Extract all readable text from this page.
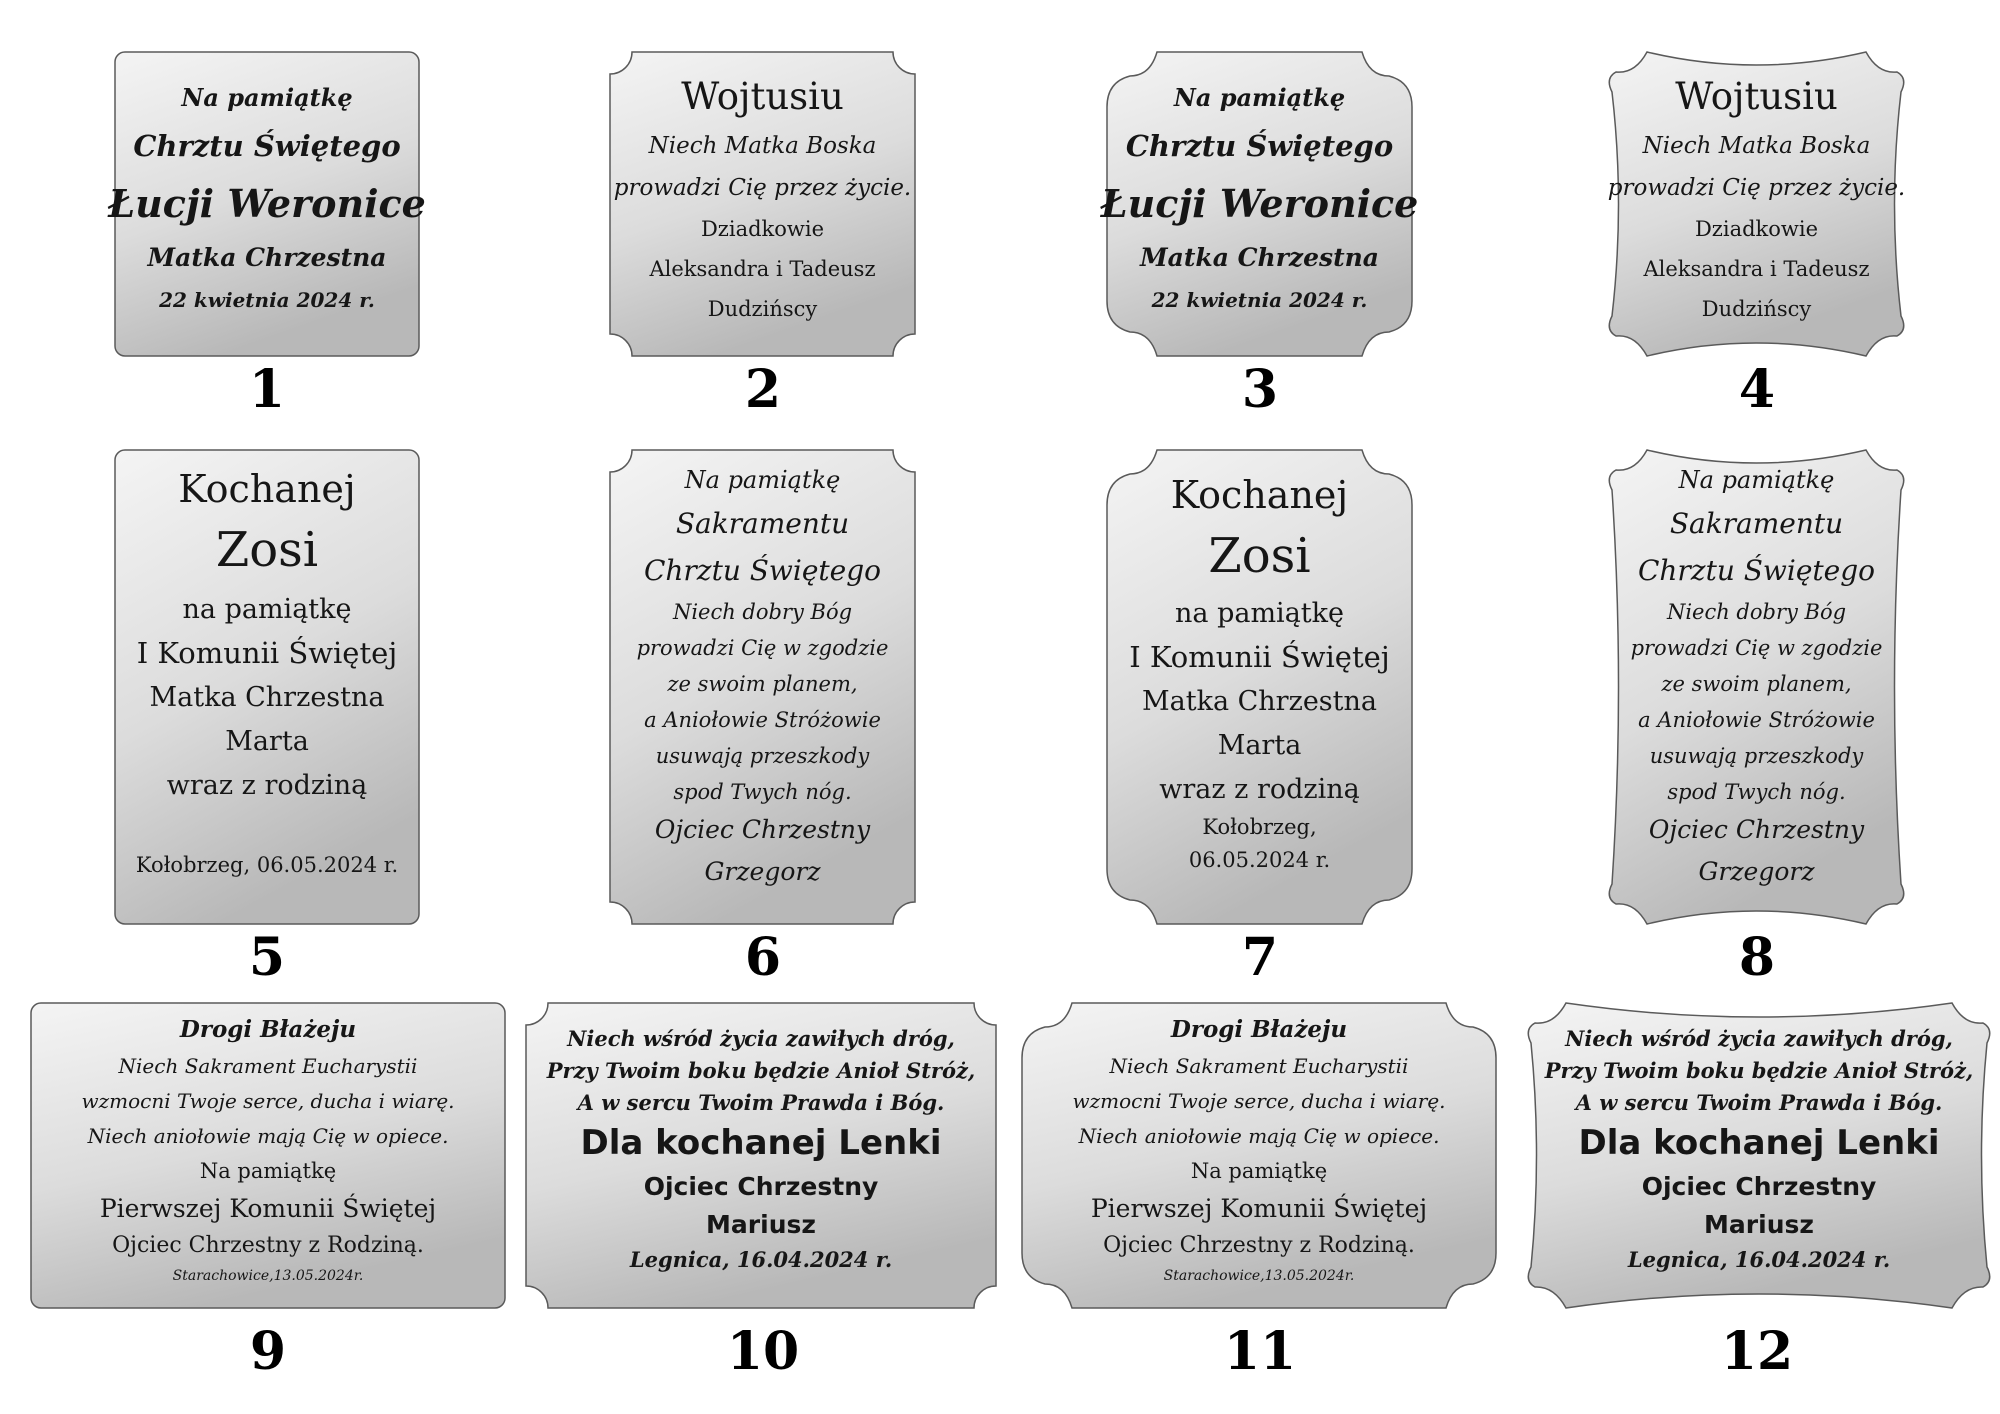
Na pamiątkę
Chrztu Świętego
Łucji Weronice
Matka Chrzestna
22 kwietnia 2024 r.
1
Wojtusiu
Niech Matka Boska
prowadzi Cię przez życie.
Dziadkowie
Aleksandra i Tadeusz
Dudzińscy
2
Na pamiątkę
Chrztu Świętego
Łucji Weronice
Matka Chrzestna
22 kwietnia 2024 r.
3
Wojtusiu
Niech Matka Boska
prowadzi Cię przez życie.
Dziadkowie
Aleksandra i Tadeusz
Dudzińscy
4
Kochanej
Zosi
na pamiątkę
I Komunii Świętej
Matka Chrzestna
Marta
wraz z rodziną
Kołobrzeg, 06.05.2024 r.
5
Na pamiątkę
Sakramentu
Chrztu Świętego
Niech dobry Bóg
prowadzi Cię w zgodzie
ze swoim planem,
a Aniołowie Stróżowie
usuwają przeszkody
spod Twych nóg.
Ojciec Chrzestny
Grzegorz
6
Kochanej
Zosi
na pamiątkę
I Komunii Świętej
Matka Chrzestna
Marta
wraz z rodziną
Kołobrzeg,
06.05.2024 r.
7
Na pamiątkę
Sakramentu
Chrztu Świętego
Niech dobry Bóg
prowadzi Cię w zgodzie
ze swoim planem,
a Aniołowie Stróżowie
usuwają przeszkody
spod Twych nóg.
Ojciec Chrzestny
Grzegorz
8
Drogi Błażeju
Niech Sakrament Eucharystii
wzmocni Twoje serce, ducha i wiarę.
Niech aniołowie mają Cię w opiece.
Na pamiątkę
Pierwszej Komunii Świętej
Ojciec Chrzestny z Rodziną.
Starachowice,13.05.2024r.
9
Niech wśród życia zawiłych dróg,
Przy Twoim boku będzie Anioł Stróż,
A w sercu Twoim Prawda i Bóg.
Dla kochanej Lenki
Ojciec Chrzestny
Mariusz
Legnica, 16.04.2024 r.
10
Drogi Błażeju
Niech Sakrament Eucharystii
wzmocni Twoje serce, ducha i wiarę.
Niech aniołowie mają Cię w opiece.
Na pamiątkę
Pierwszej Komunii Świętej
Ojciec Chrzestny z Rodziną.
Starachowice,13.05.2024r.
11
Niech wśród życia zawiłych dróg,
Przy Twoim boku będzie Anioł Stróż,
A w sercu Twoim Prawda i Bóg.
Dla kochanej Lenki
Ojciec Chrzestny
Mariusz
Legnica, 16.04.2024 r.
12
